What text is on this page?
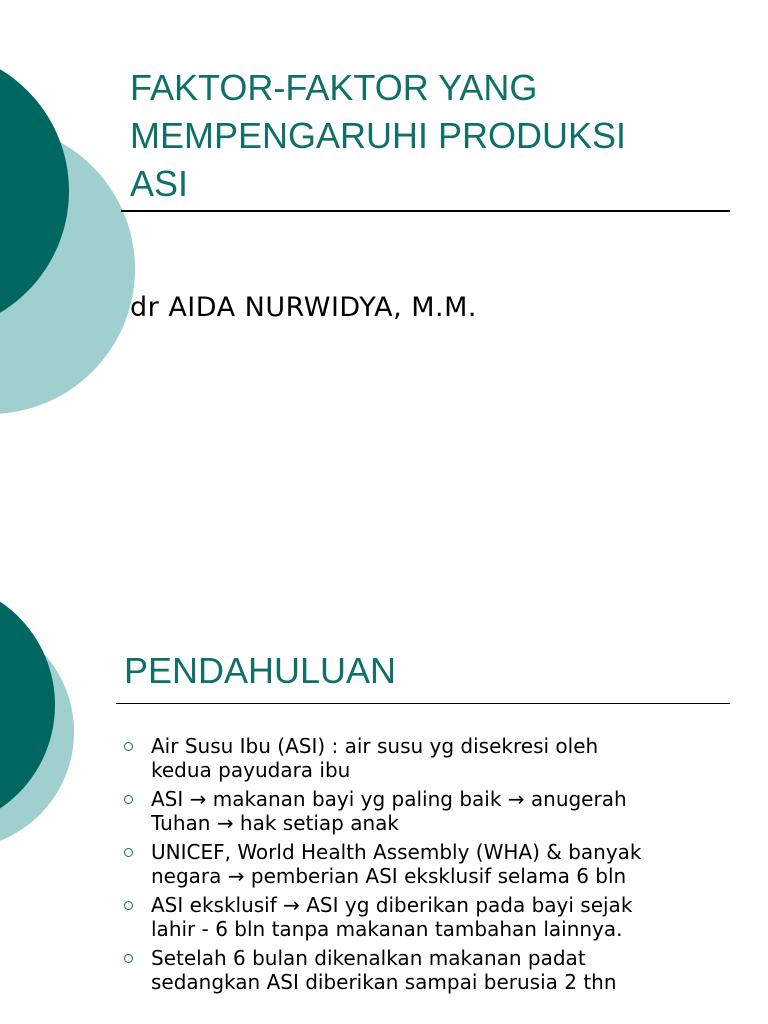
FAKTOR-FAKTOR YANG
MEMPENGARUHI PRODUKSI
ASI

dr AIDA NURWIDYA, M.M.

PENDAHULUAN
Air Susu Ibu (ASI) : air susu yg disekresi oleh
kedua payudara ibu
ASI → makanan bayi yg paling baik → anugerah
Tuhan → hak setiap anak
UNICEF, World Health Assembly (WHA) & banyak
negara → pemberian ASI eksklusif selama 6 bln
ASI eksklusif → ASI yg diberikan pada bayi sejak
lahir - 6 bln tanpa makanan tambahan lainnya.
Setelah 6 bulan dikenalkan makanan padat
sedangkan ASI diberikan sampai berusia 2 thn
